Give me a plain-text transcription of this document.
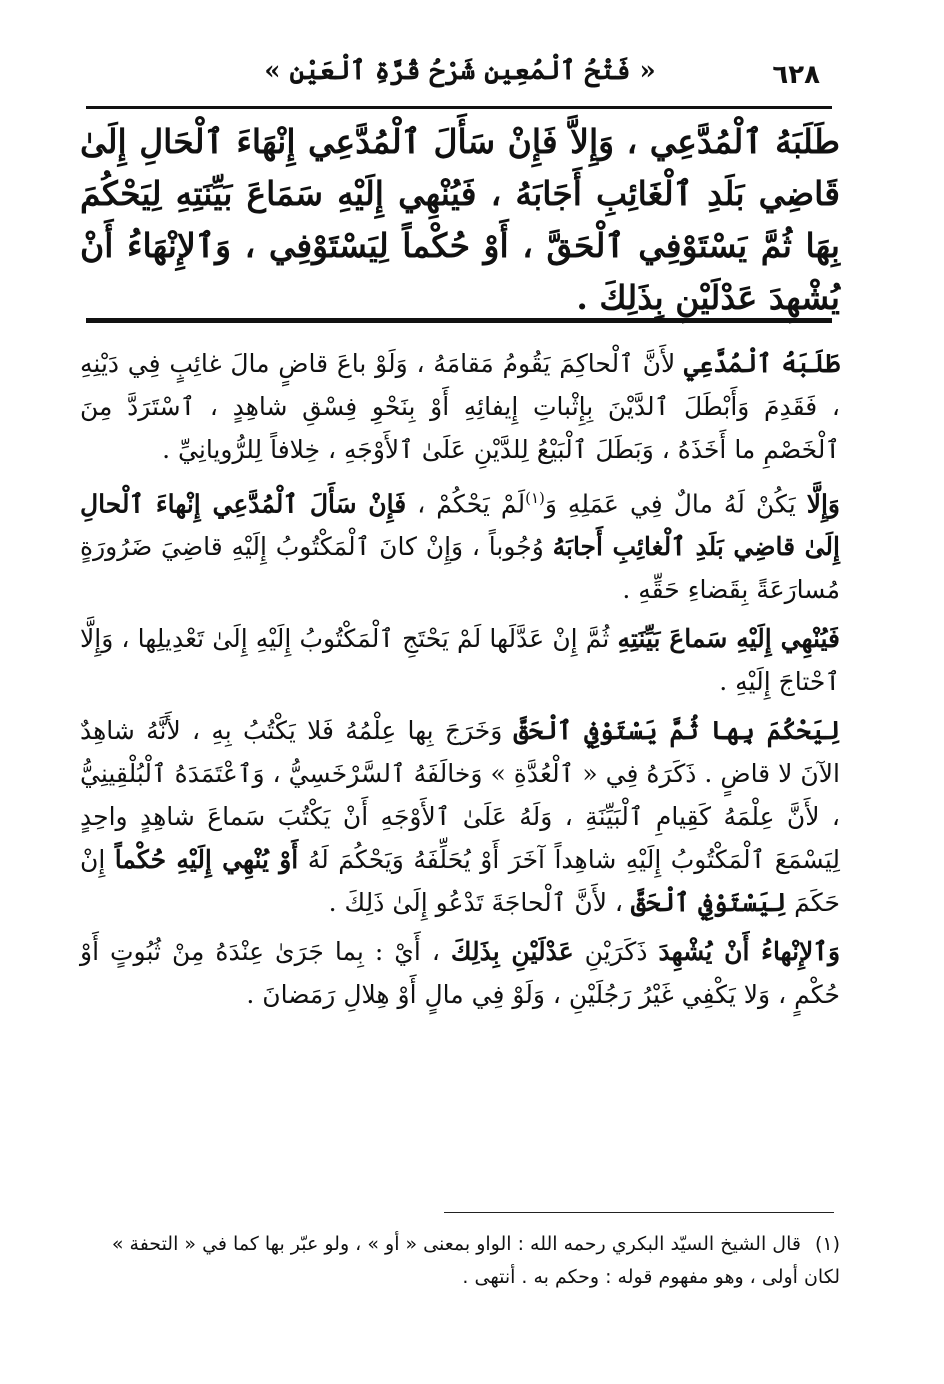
٦٢٨
« فَتْحُ ٱلْمُعِينِ شَرْحُ قُرَّةِ ٱلْعَيْنِ »

طَلَبَهُ ٱلْمُدَّعِي ، وَإِلاَّ فَإِنْ سَأَلَ ٱلْمُدَّعِي إِنْهَاءَ ٱلْحَالِ إِلَىٰ قَاضِي بَلَدِ ٱلْغَائِبِ أَجَابَهُ ، فَيُنْهِي إِلَيْهِ سَمَاعَ بَيِّنَتِهِ لِيَحْكُمَ بِهَا ثُمَّ يَسْتَوْفِي ٱلْحَقَّ ، أَوْ حُكْماً لِيَسْتَوْفِي ، وَٱلإِنْهَاءُ أَنْ يُشْهِدَ عَدْلَيْنِ بِذَلِكَ .

طَلَبَهُ ٱلْمُدَّعِي لأَنَّ ٱلْحاكِمَ يَقُومُ مَقامَهُ ، وَلَوْ باعَ قاضٍ مالَ غائِبٍ فِي دَيْنِهِ ، فَقَدِمَ وَأَبْطَلَ ٱلدَّيْنَ بِإِثْباتِ إِيفائِهِ أَوْ بِنَحْوِ فِسْقِ شاهِدٍ ، ٱسْتَرَدَّ مِنَ ٱلْخَصْمِ ما أَخَذَهُ ، وَبَطَلَ ٱلْبَيْعُ لِلدَّيْنِ عَلَىٰ ٱلأَوْجَهِ ، خِلافاً لِلرُّويانِيِّ .

وَإِلَّا يَكُنْ لَهُ مالٌ فِي عَمَلِهِ وَ$^{(١)}$لَمْ يَحْكُمْ ، فَإِنْ سَأَلَ ٱلْمُدَّعِي إِنْهاءَ ٱلْحالِ إِلَىٰ قاضِي بَلَدِ ٱلْغائِبِ أَجابَهُ وُجُوباً ، وَإِنْ كانَ ٱلْمَكْتُوبُ إِلَيْهِ قاضِيَ ضَرُورَةٍ مُسارَعَةً بِقَضاءِ حَقِّهِ .

فَيُنْهِي إِلَيْهِ سَماعَ بَيِّنَتِهِ ثُمَّ إِنْ عَدَّلَها لَمْ يَحْتَجِ ٱلْمَكْتُوبُ إِلَيْهِ إِلَىٰ تَعْدِيلِها ، وَإِلَّا ٱحْتاجَ إِلَيْهِ .

لِيَحْكُمَ بِها ثُمَّ يَسْتَوْفِي ٱلْحَقَّ وَخَرَجَ بِها عِلْمُهُ فَلا يَكْتُبُ بِهِ ، لأَنَّهُ شاهِدٌ الآنَ لا قاضٍ . ذَكَرَهُ فِي « ٱلْعُدَّةِ » وَخالَفَهُ ٱلسَّرْخَسِيُّ ، وَٱعْتَمَدَهُ ٱلْبُلْقِينِيُّ ، لأَنَّ عِلْمَهُ كَقِيامِ ٱلْبَيِّنَةِ ، وَلَهُ عَلَىٰ ٱلأَوْجَهِ أَنْ يَكْتُبَ سَماعَ شاهِدٍ واحِدٍ لِيَسْمَعَ ٱلْمَكْتُوبُ إِلَيْهِ شاهِداً آخَرَ أَوْ يُحَلِّفَهُ وَيَحْكُمَ لَهُ أَوْ يُنْهِي إِلَيْهِ حُكْماً إِنْ حَكَمَ لِيَسْتَوْفِي ٱلْحَقَّ ، لأَنَّ ٱلْحاجَةَ تَدْعُو إِلَىٰ ذَلِكَ .

وَٱلإِنْهاءُ أَنْ يُشْهِدَ ذَكَرَيْنِ عَدْلَيْنِ بِذَلِكَ ، أَيْ : بِما جَرَىٰ عِنْدَهُ مِنْ ثُبُوتٍ أَوْ حُكْمٍ ، وَلا يَكْفِي غَيْرُ رَجُلَيْنِ ، وَلَوْ فِي مالٍ أَوْ هِلالِ رَمَضانَ .

(١)قال الشيخ السيّد البكري رحمه الله : الواو بمعنى « أو » ، ولو عبّر بها كما في « التحفة » لكان أولى ، وهو مفهوم قوله : وحكم به . أنتهى .
